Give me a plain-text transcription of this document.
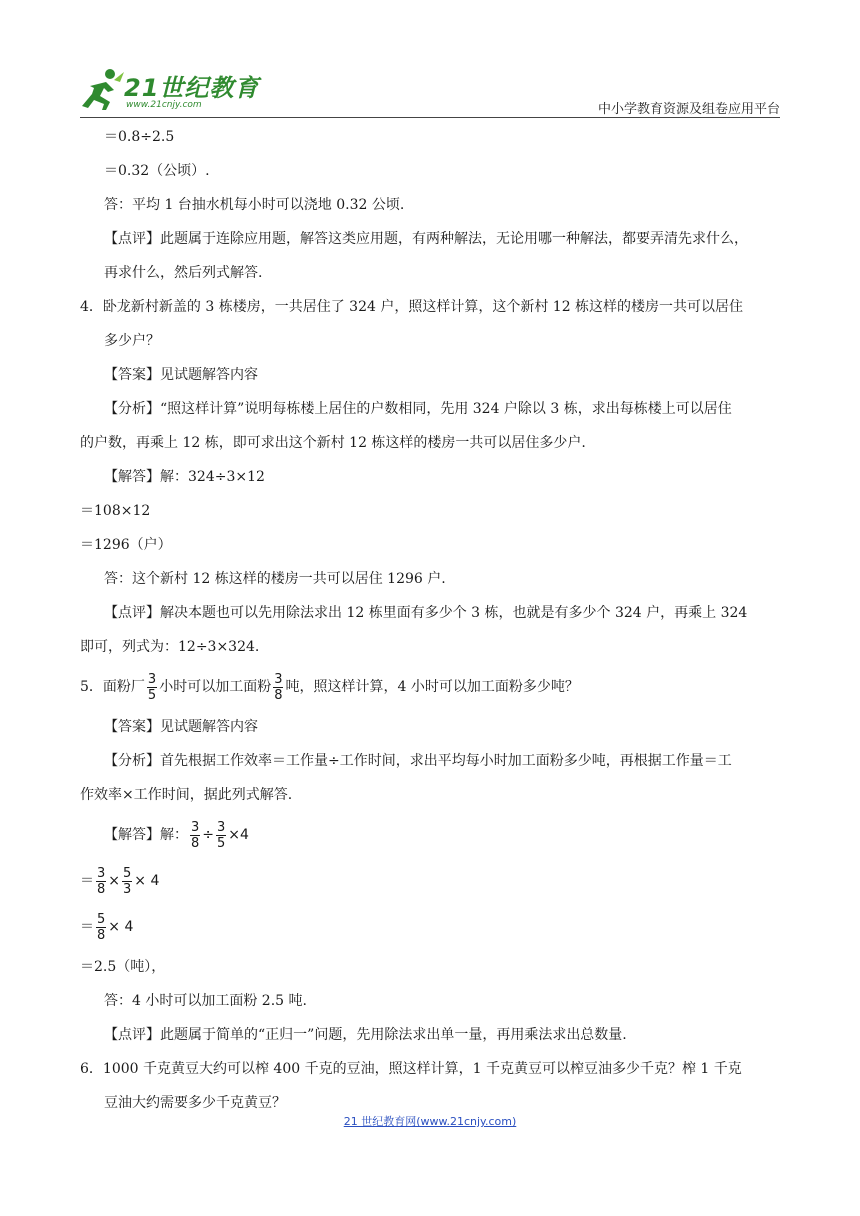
21世纪教育
www.21cnjy.com	中小学教育资源及组卷应用平台
＝0.8÷2.5
＝0.32（公顷）.
答：平均 1 台抽水机每小时可以浇地 0.32 公顷.
【点评】此题属于连除应用题，解答这类应用题，有两种解法，无论用哪一种解法，都要弄清先求什么，
再求什么，然后列式解答.
4．卧龙新村新盖的 3 栋楼房，一共居住了 324 户，照这样计算，这个新村 12 栋这样的楼房一共可以居住
多少户？
【答案】见试题解答内容
【分析】“照这样计算”说明每栋楼上居住的户数相同，先用 324 户除以 3 栋，求出每栋楼上可以居住
的户数，再乘上 12 栋，即可求出这个新村 12 栋这样的楼房一共可以居住多少户.
【解答】解：324÷3×12
＝108×12
＝1296（户）
答：这个新村 12 栋这样的楼房一共可以居住 1296 户.
【点评】解决本题也可以先用除法求出 12 栋里面有多少个 3 栋，也就是有多少个 324 户，再乘上 324
即可，列式为：12÷3×324.
5．面粉厂 $\frac{3}{5}$ 小时可以加工面粉 $\frac{3}{8}$ 吨，照这样计算，4 小时可以加工面粉多少吨？
【答案】见试题解答内容
【分析】首先根据工作效率＝工作量÷工作时间，求出平均每小时加工面粉多少吨，再根据工作量＝工
作效率×工作时间，据此列式解答.
【解答】解： $\frac{3}{8} \div \frac{3}{5} \times 4$
＝ $\frac{3}{8} \times \frac{5}{3} \times 4$
＝ $\frac{5}{8} \times 4$
＝2.5（吨），
答：4 小时可以加工面粉 2.5 吨.
【点评】此题属于简单的“正归一”问题，先用除法求出单一量，再用乘法求出总数量.
6．1000 千克黄豆大约可以榨 400 千克的豆油，照这样计算，1 千克黄豆可以榨豆油多少千克？榨 1 千克
豆油大约需要多少千克黄豆？
21 世纪教育网(www.21cnjy.com)
